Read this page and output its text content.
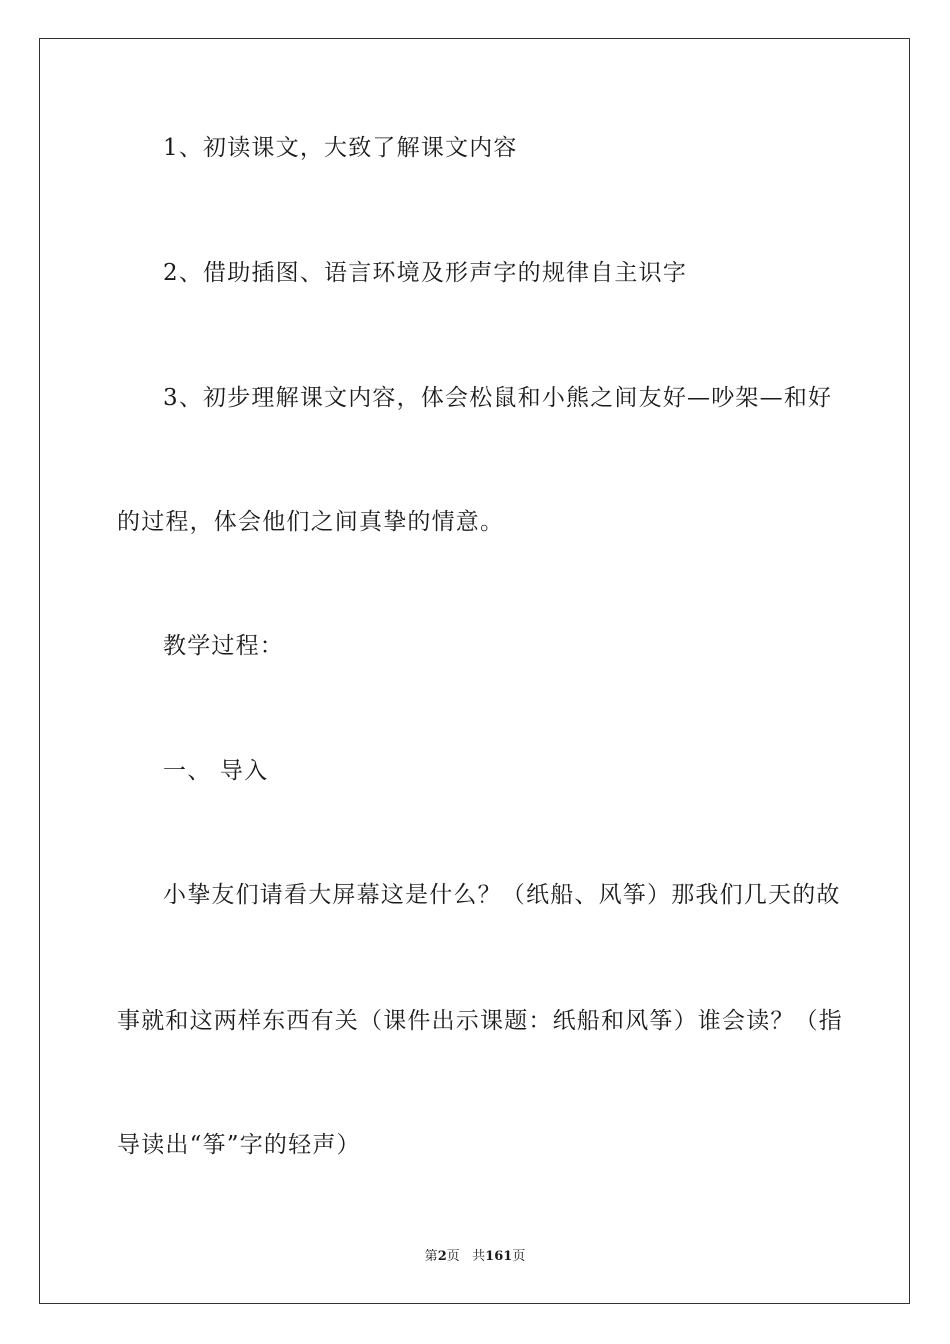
1、初读课文，大致了解课文内容

2、借助插图、语言环境及形声字的规律自主识字

3、初步理解课文内容，体会松鼠和小熊之间友好—吵架—和好

的过程，体会他们之间真挚的情意。

教学过程：

一、 导入

小挚友们请看大屏幕这是什么？（纸船、风筝）那我们几天的故

事就和这两样东西有关（课件出示课题：纸船和风筝）谁会读？（指

导读出“筝”字的轻声）

第2页 共161页
